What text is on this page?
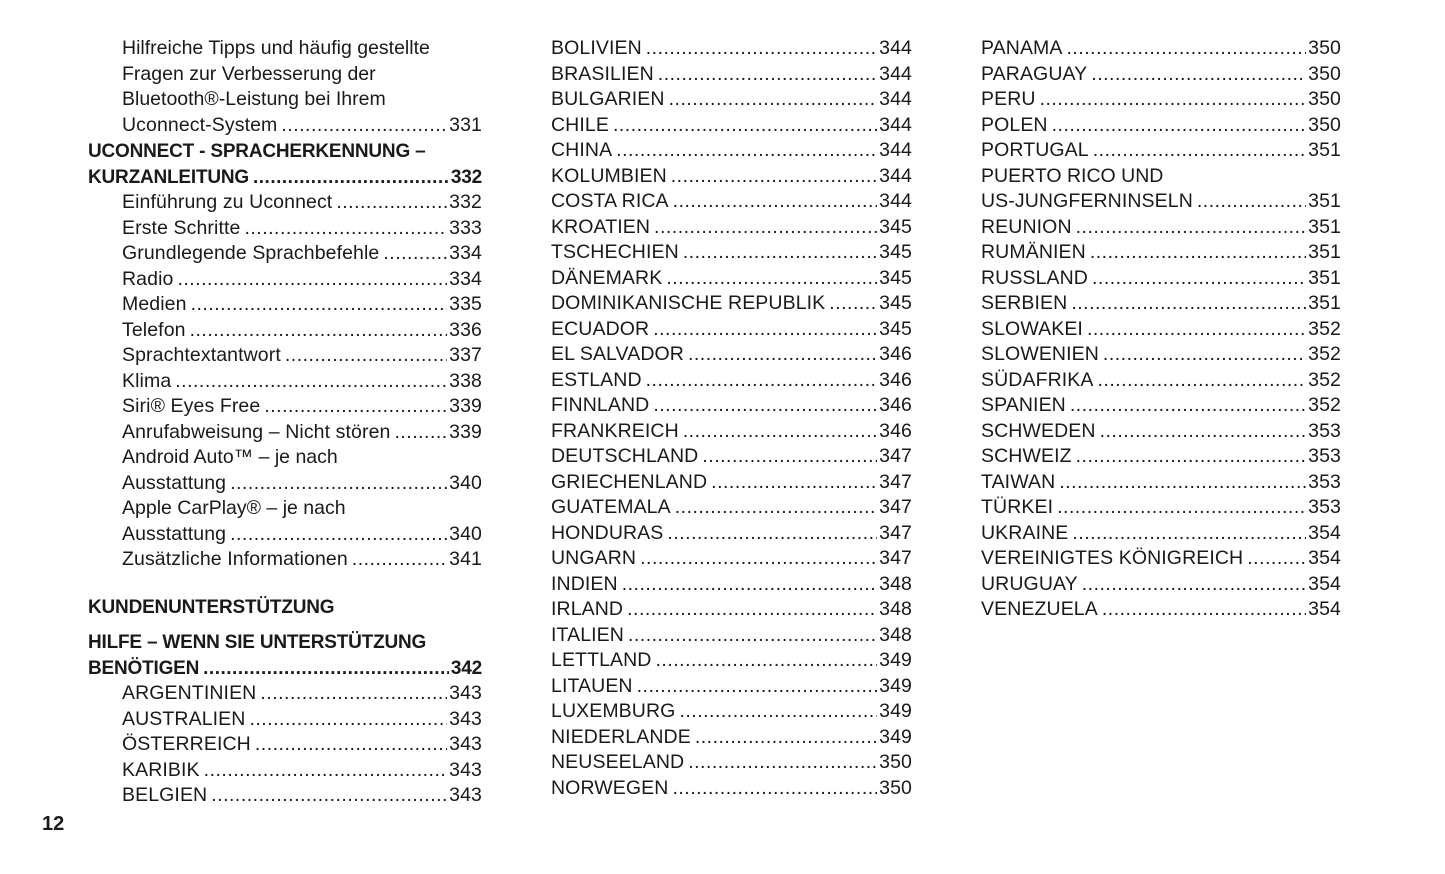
Hilfreiche Tipps und häufig gestellte
Fragen zur Verbesserung der
Bluetooth®-Leistung bei Ihrem
Uconnect-System .....	331
UCONNECT - SPRACHERKENNUNG –
KURZANLEITUNG .....	332
Einführung zu Uconnect .....	332
Erste Schritte .....	333
Grundlegende Sprachbefehle .....	334
Radio .....	334
Medien .....	335
Telefon .....	336
Sprachtextantwort .....	337
Klima .....	338
Siri® Eyes Free .....	339
Anrufabweisung – Nicht stören .....	339
Android Auto™ – je nach
Ausstattung .....	340
Apple CarPlay® – je nach
Ausstattung .....	340
Zusätzliche Informationen .....	341
KUNDENUNTERSTÜTZUNG
HILFE – WENN SIE UNTERSTÜTZUNG
BENÖTIGEN .....	342
ARGENTINIEN .....	343
AUSTRALIEN .....	343
ÖSTERREICH .....	343
KARIBIK .....	343
BELGIEN .....	343
BOLIVIEN .....	344
BRASILIEN .....	344
BULGARIEN .....	344
CHILE .....	344
CHINA .....	344
KOLUMBIEN .....	344
COSTA RICA .....	344
KROATIEN .....	345
TSCHECHIEN .....	345
DÄNEMARK .....	345
DOMINIKANISCHE REPUBLIK .....	345
ECUADOR .....	345
EL SALVADOR .....	346
ESTLAND .....	346
FINNLAND .....	346
FRANKREICH .....	346
DEUTSCHLAND .....	347
GRIECHENLAND .....	347
GUATEMALA .....	347
HONDURAS .....	347
UNGARN .....	347
INDIEN .....	348
IRLAND .....	348
ITALIEN .....	348
LETTLAND .....	349
LITAUEN .....	349
LUXEMBURG .....	349
NIEDERLANDE .....	349
NEUSEELAND .....	350
NORWEGEN .....	350
PANAMA .....	350
PARAGUAY .....	350
PERU .....	350
POLEN .....	350
PORTUGAL .....	351
PUERTO RICO UND
US-JUNGFERNINSELN .....	351
REUNION .....	351
RUMÄNIEN .....	351
RUSSLAND .....	351
SERBIEN .....	351
SLOWAKEI .....	352
SLOWENIEN .....	352
SÜDAFRIKA .....	352
SPANIEN .....	352
SCHWEDEN .....	353
SCHWEIZ .....	353
TAIWAN .....	353
TÜRKEI .....	353
UKRAINE .....	354
VEREINIGTES KÖNIGREICH .....	354
URUGUAY .....	354
VENEZUELA .....	354
12
